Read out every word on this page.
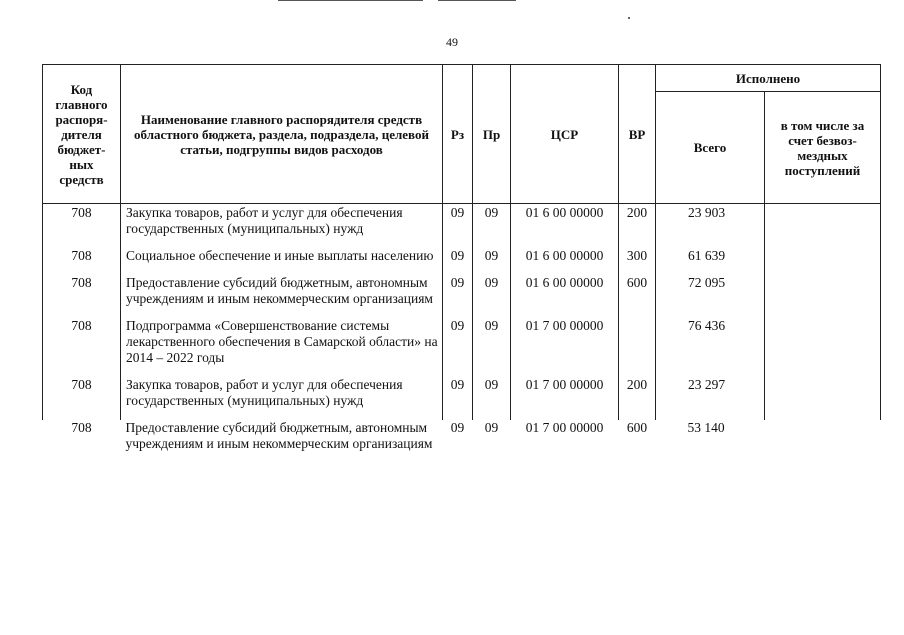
49
Код главного распоря-дителя бюджет-ных средств	Наименование главного распорядителя средств областного бюджета, раздела, подраздела, целевой статьи, подгруппы видов расходов	Рз	Пр	ЦСР	ВР	Исполнено	
						Всего	в том числе за счет безвоз-мездных поступлений
708	Закупка товаров, работ и услуг для обеспечения государственных (муниципальных) нужд	09	09	01 6 00 00000	200	23 903	
708	Социальное обеспечение и иные выплаты населению	09	09	01 6 00 00000	300	61 639	
708	Предоставление субсидий бюджетным, автономным учреждениям и иным некоммерческим организациям	09	09	01 6 00 00000	600	72 095	
708	Подпрограмма «Совершенствование системы лекарственного обеспечения в Самарской области» на 2014 – 2022 годы	09	09	01 7 00 00000		76 436	
708	Закупка товаров, работ и услуг для обеспечения государственных (муниципальных) нужд	09	09	01 7 00 00000	200	23 297	
708	Предоставление субсидий бюджетным, автономным учреждениям и иным некоммерческим организациям	09	09	01 7 00 00000	600	53 140	
